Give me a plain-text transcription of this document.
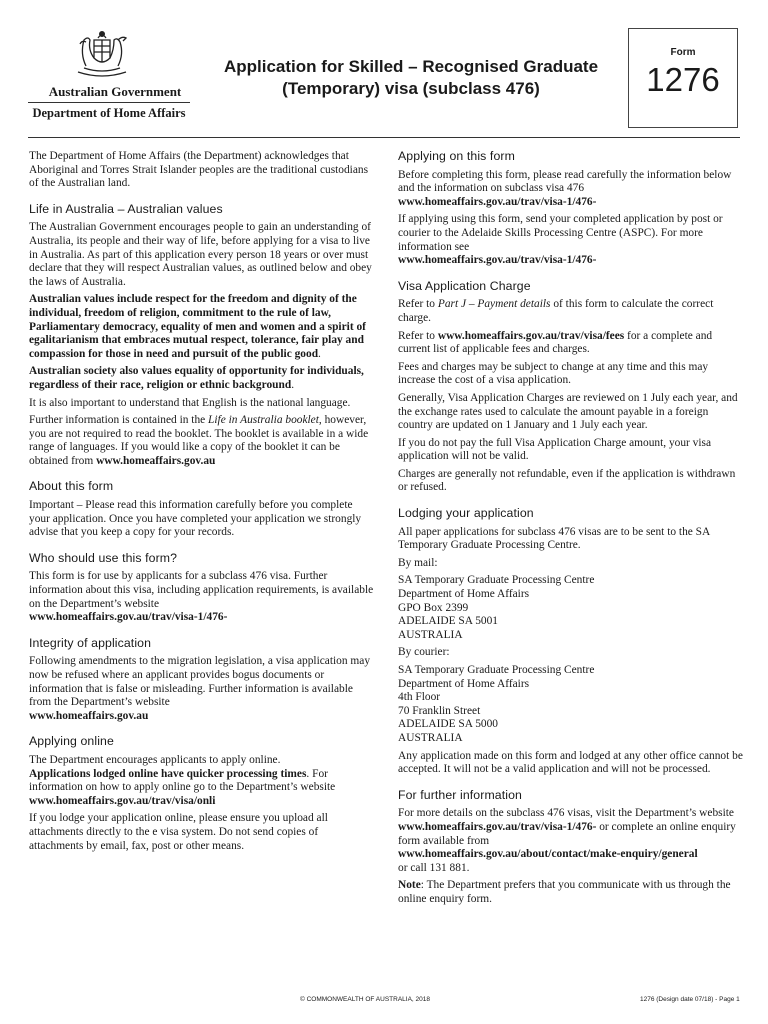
Australian Government
Department of Home Affairs
Application for Skilled – Recognised Graduate
(Temporary) visa (subclass 476)
Form
1276

The Department of Home Affairs (the Department) acknowledges that Aboriginal and Torres Strait Islander peoples are the traditional custodians of the Australian land.

Life in Australia – Australian values

The Australian Government encourages people to gain an understanding of Australia, its people and their way of life, before applying for a visa to live in Australia. As part of this application every person 18 years or over must declare that they will respect Australian values, as outlined below and obey the laws of Australia.

Australian values include respect for the freedom and dignity of the individual, freedom of religion, commitment to the rule of law, Parliamentary democracy, equality of men and women and a spirit of egalitarianism that embraces mutual respect, tolerance, fair play and compassion for those in need and pursuit of the public good.

Australian society also values equality of opportunity for individuals, regardless of their race, religion or ethnic background.

It is also important to understand that English is the national language.

Further information is contained in the Life in Australia booklet, however, you are not required to read the booklet. The booklet is available in a wide range of languages. If you would like a copy of the booklet it can be obtained from www.homeaffairs.gov.au

About this form

Important – Please read this information carefully before you complete your application. Once you have completed your application we strongly advise that you keep a copy for your records.

Who should use this form?

This form is for use by applicants for a subclass 476 visa. Further information about this visa, including application requirements, is available on the Department’s website
www.homeaffairs.gov.au/trav/visa-1/476-

Integrity of application

Following amendments to the migration legislation, a visa application may now be refused where an applicant provides bogus documents or information that is false or misleading. Further information is available from the Department’s website
www.homeaffairs.gov.au

Applying online

The Department encourages applicants to apply online.
Applications lodged online have quicker processing times. For information on how to apply online go to the Department’s website www.homeaffairs.gov.au/trav/visa/onli

If you lodge your application online, please ensure you upload all attachments directly to the e visa system. Do not send copies of attachments by email, fax, post or other means.

Applying on this form

Before completing this form, please read carefully the information below and the information on subclass visa 476
www.homeaffairs.gov.au/trav/visa-1/476-

If applying using this form, send your completed application by post or courier to the Adelaide Skills Processing Centre (ASPC). For more information see
www.homeaffairs.gov.au/trav/visa-1/476-

Visa Application Charge

Refer to Part J – Payment details of this form to calculate the correct charge.

Refer to www.homeaffairs.gov.au/trav/visa/fees for a complete and current list of applicable fees and charges.

Fees and charges may be subject to change at any time and this may increase the cost of a visa application.

Generally, Visa Application Charges are reviewed on 1 July each year, and the exchange rates used to calculate the amount payable in a foreign country are updated on 1 January and 1 July each year.

If you do not pay the full Visa Application Charge amount, your visa application will not be valid.

Charges are generally not refundable, even if the application is withdrawn or refused.

Lodging your application

All paper applications for subclass 476 visas are to be sent to the SA Temporary Graduate Processing Centre.

By mail:

SA Temporary Graduate Processing Centre

Department of Home Affairs

GPO Box 2399

ADELAIDE SA 5001

AUSTRALIA

By courier:

SA Temporary Graduate Processing Centre

Department of Home Affairs

4th Floor

70 Franklin Street

ADELAIDE SA 5000

AUSTRALIA

Any application made on this form and lodged at any other office cannot be accepted. It will not be a valid application and will not be processed.

For further information

For more details on the subclass 476 visas, visit the Department’s website www.homeaffairs.gov.au/trav/visa-1/476- or complete an online enquiry form available from
www.homeaffairs.gov.au/about/contact/make-enquiry/general
or call 131 881.

Note: The Department prefers that you communicate with us through the online enquiry form.

© COMMONWEALTH OF AUSTRALIA, 2018	1276 (Design date 07/18) - Page 1
